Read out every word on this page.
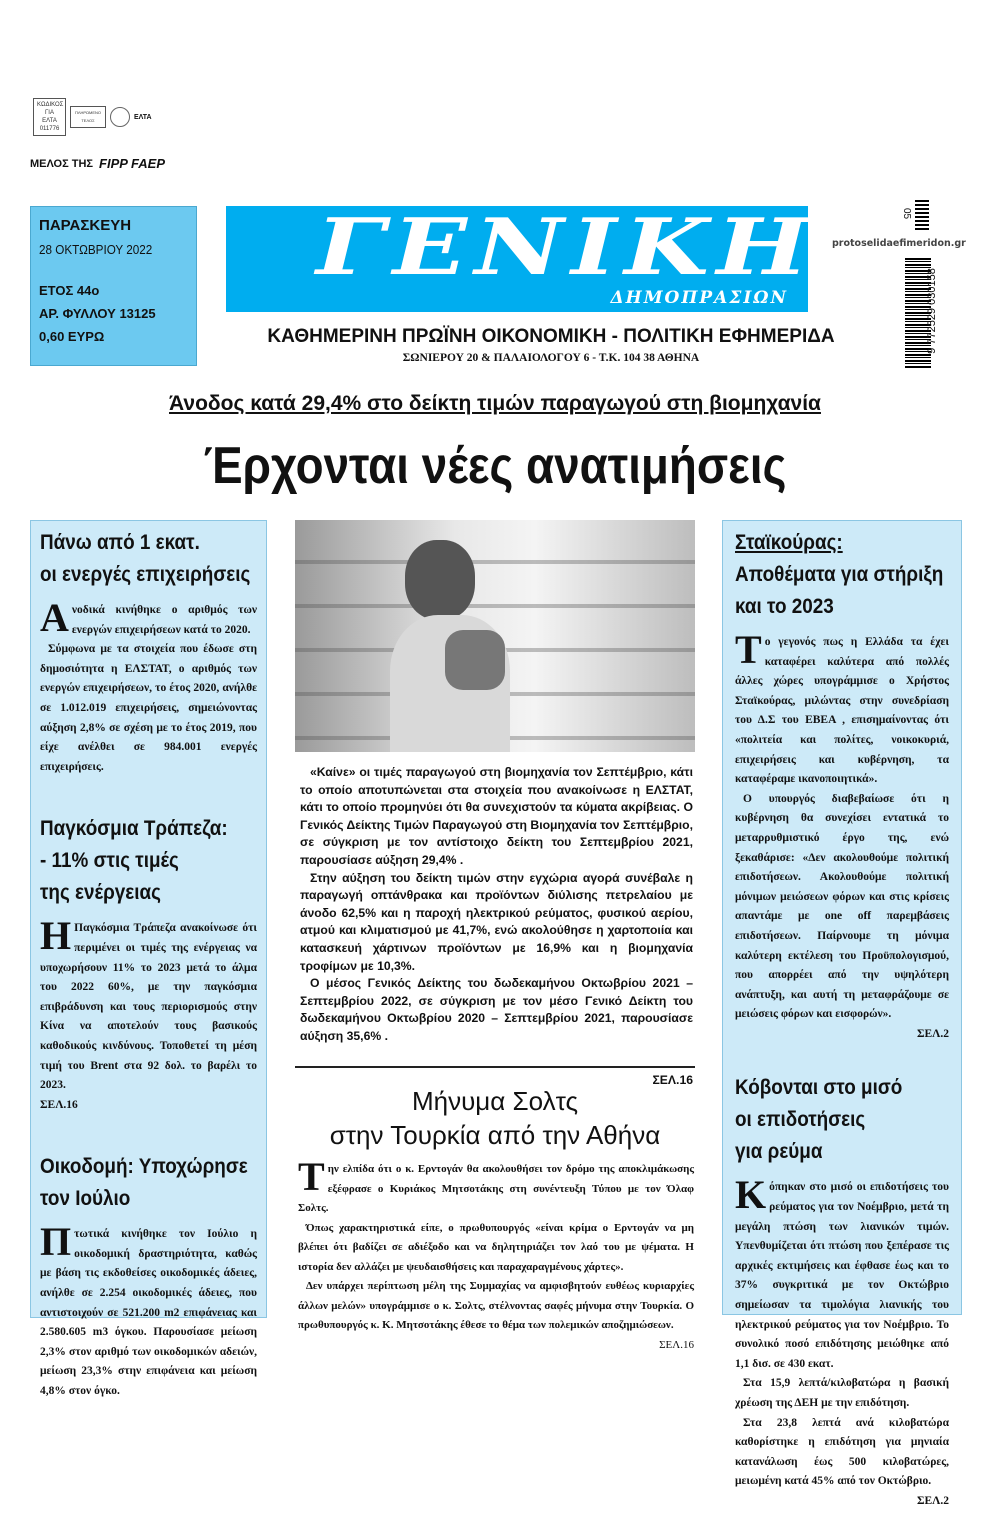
ΚΩΔΙΚΟΣ ΓΙΑ ΕΛΤΑ
011776
ΠΛΗΡΩΜΕΝΟ ΤΕΛΟΣ	ΕΛΤΑ
ΜΕΛΟΣ ΤΗΣ FIPP FAEP
ΠΑΡΑΣΚΕΥΗ
28 ΟΚΤΩΒΡΙΟΥ 2022
ΕΤΟΣ 44ο
ΑΡ. ΦΥΛΛΟΥ 13125
0,60 ΕΥΡΩ
ΓΕΝΙΚΗ
ΔΗΜΟΠΡΑΣΙΩΝ
ΚΑΘΗΜΕΡΙΝΗ ΠΡΩΪΝΗ ΟΙΚΟΝΟΜΙΚΗ - ΠΟΛΙΤΙΚΗ ΕΦΗΜΕΡΙΔΑ
ΣΩΝΙΕΡΟΥ 20 & ΠΑΛΑΙΟΛΟΓΟΥ 6 - Τ.Κ. 104 38 ΑΘΗΝΑ
05
9 772529 030158
protoselidaefimeridon.gr
Άνοδος κατά 29,4% στο δείκτη τιμών παραγωγού στη βιομηχανία
Έρχονται νέες ανατιμήσεις
Πάνω από 1 εκατ.
οι ενεργές επιχειρήσεις

Ανοδικά κινήθηκε ο αριθμός των ενεργών επιχειρήσεων κατά το 2020.

Σύμφωνα με τα στοιχεία που έδωσε στη δημοσιότητα η ΕΛΣΤΑΤ, ο αριθμός των ενεργών επιχειρήσεων, το έτος 2020, ανήλθε σε 1.012.019 επιχειρήσεις, σημειώνοντας αύξηση 2,8% σε σχέση με το έτος 2019, που είχε ανέλθει σε 984.001 ενεργές επιχειρήσεις.

Παγκόσμια Τράπεζα:
- 11% στις τιμές
της ενέργειας

Η Παγκόσμια Τράπεζα ανακοίνωσε ότι περιμένει οι τιμές της ενέργειας να υποχωρήσουν 11% το 2023 μετά το άλμα του 2022 60%, με την παγκόσμια επιβράδυνση και τους περιορισμούς στην Κίνα να αποτελούν τους βασικούς καθοδικούς κινδύνους. Τοποθετεί τη μέση τιμή του Brent στα 92 δολ. το βαρέλι το 2023.

ΣΕΛ.16
Οικοδομή: Υποχώρησε
τον Ιούλιο

Πτωτικά κινήθηκε τον Ιούλιο η οικοδομική δραστηριότητα, καθώς με βάση τις εκδοθείσες οικοδομικές άδειες, ανήλθε σε 2.254 οικοδομικές άδειες, που αντιστοιχούν σε 521.200 m2 επιφάνειας και 2.580.605 m3 όγκου. Παρουσίασε μείωση 2,3% στον αριθμό των οικοδομικών αδειών, μείωση 23,3% στην επιφάνεια και μείωση 4,8% στον όγκο.

«Καίνε» οι τιμές παραγωγού στη βιομηχανία τον Σεπτέμβριο, κάτι το οποίο αποτυπώνεται στα στοιχεία που ανακοίνωσε η ΕΛΣΤΑΤ, κάτι το οποίο προμηνύει ότι θα συνεχιστούν τα κύματα ακρίβειας. Ο Γενικός Δείκτης Τιμών Παραγωγού στη Βιομηχανία τον Σεπτέμβριο, σε σύγκριση με τον αντίστοιχο δείκτη του Σεπτεμβρίου 2021, παρουσίασε αύξηση 29,4% .

Στην αύξηση του δείκτη τιμών στην εγχώρια αγορά συνέβαλε η παραγωγή οπτάνθρακα και προϊόντων διύλισης πετρελαίου με άνοδο 62,5% και η παροχή ηλεκτρικού ρεύματος, φυσικού αερίου, ατμού και κλιματισμού με 41,7%, ενώ ακολούθησε η χαρτοποιία και κατασκευή χάρτινων προϊόντων με 16,9% και η βιομηχανία τροφίμων με 10,3%.

Ο μέσος Γενικός Δείκτης του δωδεκαμήνου Οκτωβρίου 2021 – Σεπτεμβρίου 2022, σε σύγκριση με τον μέσο Γενικό Δείκτη του δωδεκαμήνου Οκτωβρίου 2020 – Σεπτεμβρίου 2021, παρουσίασε αύξηση 35,6% .

ΣΕΛ.16
Μήνυμα Σολτς
στην Τουρκία από την Αθήνα

Την ελπίδα ότι ο κ. Ερντογάν θα ακολουθήσει τον δρόμο της αποκλιμάκωσης εξέφρασε ο Κυριάκος Μητσοτάκης στη συνέντευξη Τύπου με τον Όλαφ Σολτς.

Όπως χαρακτηριστικά είπε, ο πρωθυπουργός «είναι κρίμα ο Ερντογάν να μη βλέπει ότι βαδίζει σε αδιέξοδο και να δηλητηριάζει τον λαό του με ψέματα. Η ιστορία δεν αλλάζει με ψευδαισθήσεις και παραχαραγμένους χάρτες».

Δεν υπάρχει περίπτωση μέλη της Συμμαχίας να αμφισβητούν ευθέως κυριαρχίες άλλων μελών» υπογράμμισε ο κ. Σολτς, στέλνοντας σαφές μήνυμα στην Τουρκία. Ο πρωθυπουργός κ. Κ. Μητσοτάκης έθεσε το θέμα των πολεμικών αποζημιώσεων.

ΣΕΛ.16
Σταϊκούρας:
Αποθέματα για στήριξη
και το 2023

Το γεγονός πως η Ελλάδα τα έχει καταφέρει καλύτερα από πολλές άλλες χώρες υπογράμμισε ο Χρήστος Σταϊκούρας, μιλώντας στην συνεδρίαση του Δ.Σ του ΕΒΕΑ , επισημαίνοντας ότι «πολιτεία και πολίτες, νοικοκυριά, επιχειρήσεις και κυβέρνηση, τα καταφέραμε ικανοποιητικά».

Ο υπουργός διαβεβαίωσε ότι η κυβέρνηση θα συνεχίσει εντατικά το μεταρρυθμιστικό έργο της, ενώ ξεκαθάρισε: «Δεν ακολουθούμε πολιτική επιδοτήσεων. Ακολουθούμε πολιτική μόνιμων μειώσεων φόρων και στις κρίσεις απαντάμε με one off παρεμβάσεις επιδοτήσεων. Παίρνουμε τη μόνιμα καλύτερη εκτέλεση του Προϋπολογισμού, που απορρέει από την υψηλότερη ανάπτυξη, και αυτή τη μεταφράζουμε σε μειώσεις φόρων και εισφορών».

ΣΕΛ.2
Κόβονται στο μισό
οι επιδοτήσεις
για ρεύμα

Κόπηκαν στο μισό οι επιδοτήσεις του ρεύματος για τον Νοέμβριο, μετά τη μεγάλη πτώση των λιανικών τιμών. Υπενθυμίζεται ότι πτώση που ξεπέρασε τις αρχικές εκτιμήσεις και έφθασε έως και το 37% συγκριτικά με τον Οκτώβριο σημείωσαν τα τιμολόγια λιανικής του ηλεκτρικού ρεύματος για τον Νοέμβριο. Το συνολικό ποσό επιδότησης μειώθηκε από 1,1 δισ. σε 430 εκατ.

Στα 15,9 λεπτά/κιλοβατώρα η βασική χρέωση της ΔΕΗ με την επιδότηση.

Στα 23,8 λεπτά ανά κιλοβατώρα καθορίστηκε η επιδότηση για μηνιαία κατανάλωση έως 500 κιλοβατώρες, μειωμένη κατά 45% από τον Οκτώβριο.

ΣΕΛ.2
